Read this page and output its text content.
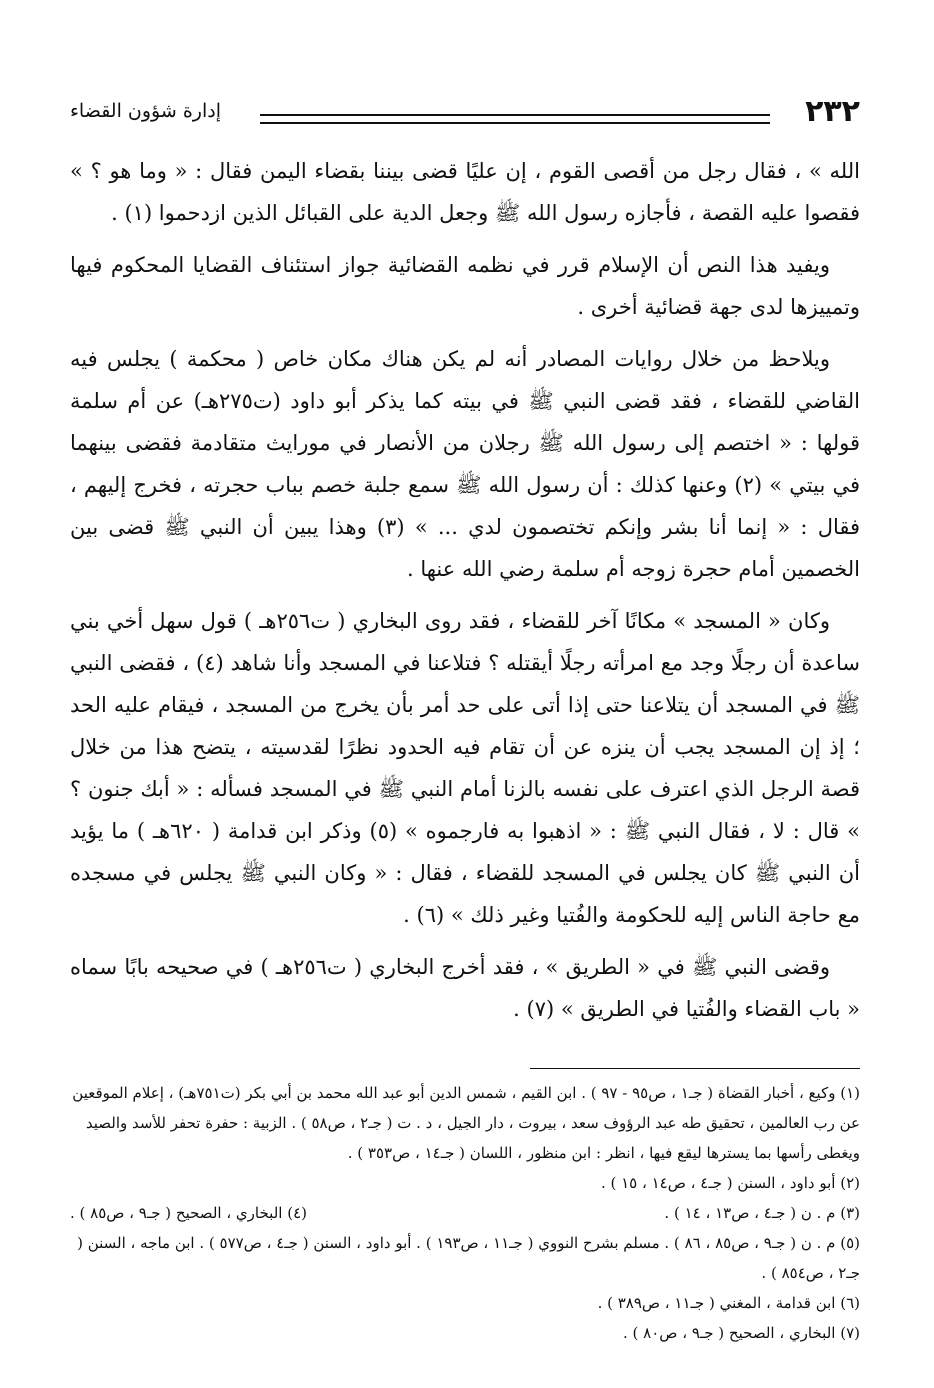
٢٣٢
إدارة شؤون القضاء

الله » ، فقال رجل من أقصى القوم ، إن عليًا قضى بيننا بقضاء اليمن فقال : « وما هو ؟ » فقصوا عليه القصة ، فأجازه رسول الله ﷺ وجعل الدية على القبائل الذين ازدحموا (١) .

ويفيد هذا النص أن الإسلام قرر في نظمه القضائية جواز استئناف القضايا المحكوم فيها وتمييزها لدى جهة قضائية أخرى .

ويلاحظ من خلال روايات المصادر أنه لم يكن هناك مكان خاص ( محكمة ) يجلس فيه القاضي للقضاء ، فقد قضى النبي ﷺ في بيته كما يذكر أبو داود (ت٢٧٥هـ) عن أم سلمة قولها : « اختصم إلى رسول الله ﷺ رجلان من الأنصار في مورايث متقادمة فقضى بينهما في بيتي » (٢) وعنها كذلك : أن رسول الله ﷺ سمع جلبة خصم بباب حجرته ، فخرج إليهم ، فقال : « إنما أنا بشر وإنكم تختصمون لدي ... » (٣) وهذا يبين أن النبي ﷺ قضى بين الخصمين أمام حجرة زوجه أم سلمة رضي الله عنها .

وكان « المسجد » مكانًا آخر للقضاء ، فقد روى البخاري ( ت٢٥٦هـ ) قول سهل أخي بني ساعدة أن رجلًا وجد مع امرأته رجلًا أيقتله ؟ فتلاعنا في المسجد وأنا شاهد (٤) ، فقضى النبي ﷺ في المسجد أن يتلاعنا حتى إذا أتى على حد أمر بأن يخرج من المسجد ، فيقام عليه الحد ؛ إذ إن المسجد يجب أن ينزه عن أن تقام فيه الحدود نظرًا لقدسيته ، يتضح هذا من خلال قصة الرجل الذي اعترف على نفسه بالزنا أمام النبي ﷺ في المسجد فسأله : « أبك جنون ؟ » قال : لا ، فقال النبي ﷺ : « اذهبوا به فارجموه » (٥) وذكر ابن قدامة ( ٦٢٠هـ ) ما يؤيد أن النبي ﷺ كان يجلس في المسجد للقضاء ، فقال : « وكان النبي ﷺ يجلس في مسجده مع حاجة الناس إليه للحكومة والفُتيا وغير ذلك » (٦) .

وقضى النبي ﷺ في « الطريق » ، فقد أخرج البخاري ( ت٢٥٦هـ ) في صحيحه بابًا سماه « باب القضاء والفُتيا في الطريق » (٧) .

(١) وكيع ، أخبار القضاة ( جـ١ ، ص٩٥ - ٩٧ ) . ابن القيم ، شمس الدين أبو عبد الله محمد بن أبي بكر (ت٧٥١هـ) ، إعلام الموقعين عن رب العالمين ، تحقيق طه عبد الرؤوف سعد ، بيروت ، دار الجيل ، د . ت ( جـ٢ ، ص٥٨ ) . الزبية : حفرة تحفر للأسد والصيد ويغطى رأسها بما يسترها ليقع فيها ، انظر : ابن منظور ، اللسان ( جـ١٤ ، ص٣٥٣ ) .
(٢) أبو داود ، السنن ( جـ٤ ، ص١٤ ، ١٥ ) .
(٣) م . ن ( جـ٤ ، ص١٣ ، ١٤ ) .
(٤) البخاري ، الصحيح ( جـ٩ ، ص٨٥ ) .
(٥) م . ن ( جـ٩ ، ص٨٥ ، ٨٦ ) . مسلم بشرح النووي ( جـ١١ ، ص١٩٣ ) . أبو داود ، السنن ( جـ٤ ، ص٥٧٧ ) . ابن ماجه ، السنن ( جـ٢ ، ص٨٥٤ ) .
(٦) ابن قدامة ، المغني ( جـ١١ ، ص٣٨٩ ) .
(٧) البخاري ، الصحيح ( جـ٩ ، ص٨٠ ) .
